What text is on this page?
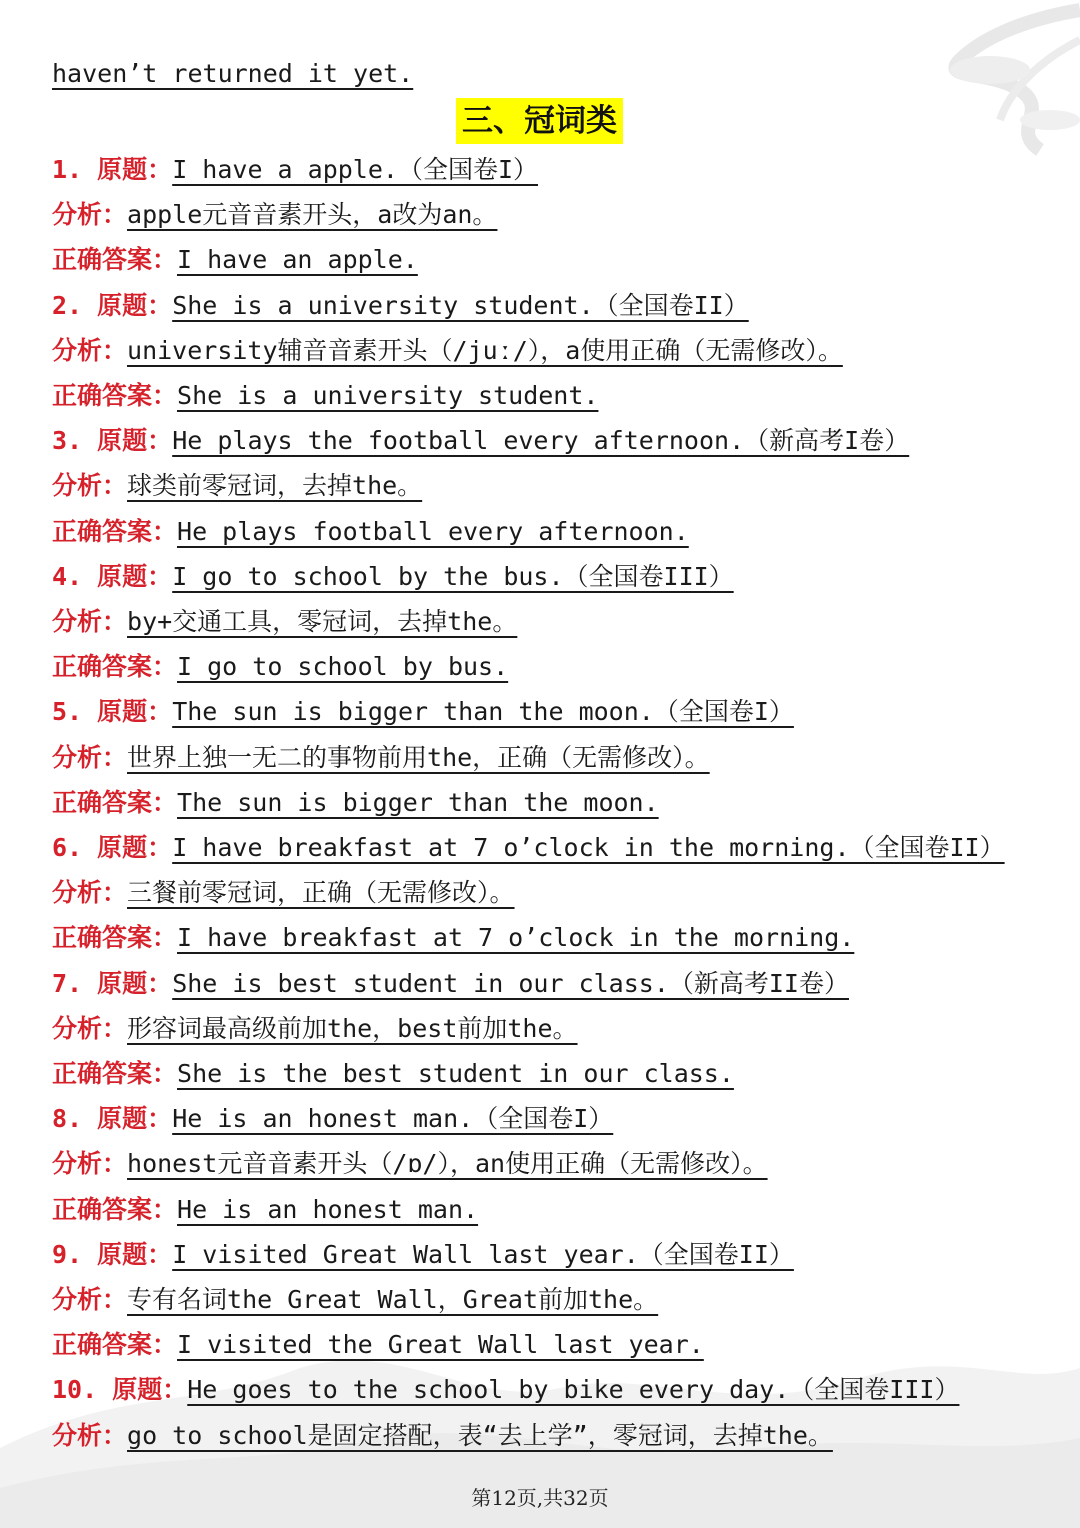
haven’t returned it yet.
三、冠词类
1. 原题：I have a apple.（全国卷I）
分析：apple元音音素开头，a改为an。
正确答案：I have an apple.
2. 原题：She is a university student.（全国卷II）
分析：university辅音音素开头（/juː/），a使用正确（无需修改）。
正确答案：She is a university student.
3. 原题：He plays the football every afternoon.（新高考I卷）
分析：球类前零冠词，去掉the。
正确答案：He plays football every afternoon.
4. 原题：I go to school by the bus.（全国卷III）
分析：by+交通工具，零冠词，去掉the。
正确答案：I go to school by bus.
5. 原题：The sun is bigger than the moon.（全国卷I）
分析：世界上独一无二的事物前用the，正确（无需修改）。
正确答案：The sun is bigger than the moon.
6. 原题：I have breakfast at 7 o’clock in the morning.（全国卷II）
分析：三餐前零冠词，正确（无需修改）。
正确答案：I have breakfast at 7 o’clock in the morning.
7. 原题：She is best student in our class.（新高考II卷）
分析：形容词最高级前加the，best前加the。
正确答案：She is the best student in our class.
8. 原题：He is an honest man.（全国卷I）
分析：honest元音音素开头（/ɒ/），an使用正确（无需修改）。
正确答案：He is an honest man.
9. 原题：I visited Great Wall last year.（全国卷II）
分析：专有名词the Great Wall，Great前加the。
正确答案：I visited the Great Wall last year.
10. 原题：He goes to the school by bike every day.（全国卷III）
分析：go to school是固定搭配，表“去上学”，零冠词，去掉the。
第12页,共32页
